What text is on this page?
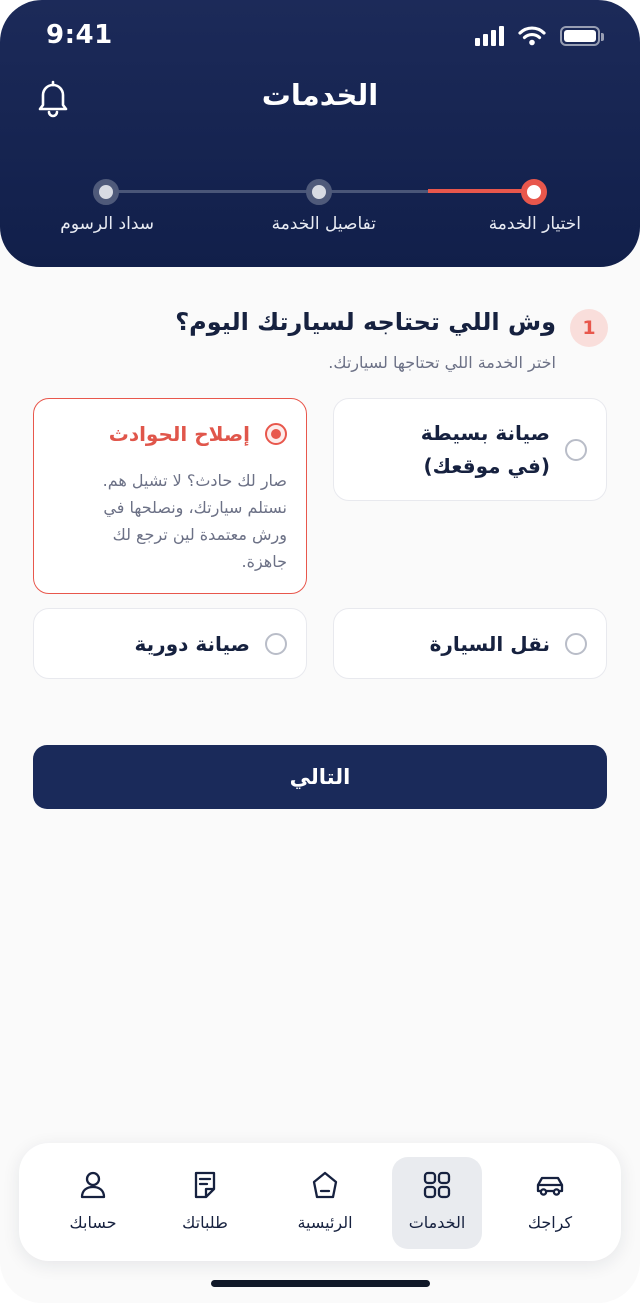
9:41
الخدمات
اختيار الخدمة
تفاصيل الخدمة
سداد الرسوم
1
وش اللي تحتاجه لسيارتك اليوم؟
اختر الخدمة اللي تحتاجها لسيارتك.
صيانة بسيطة
(في موقعك)
إصلاح الحوادث
صار لك حادث؟ لا تشيل هم.
نستلم سيارتك، ونصلحها في
ورش معتمدة لين ترجع لك
جاهزة.
نقل السيارة
صيانة دورية
التالي
كراجك
الخدمات
الرئيسية
طلباتك
حسابك
